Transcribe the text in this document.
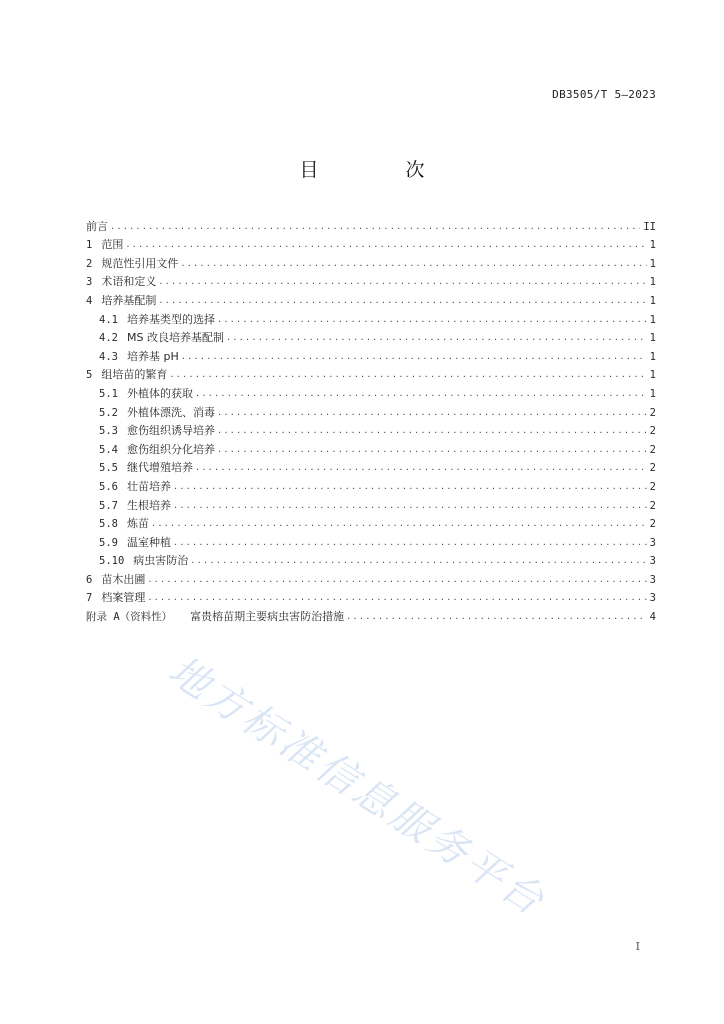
DB3505/T 5—2023
目　次
前言 . . .	II
1 范围 . . .	1
2 规范性引用文件 . . .	1
3 术语和定义 . . .	1
4 培养基配制 . . .	1
4.1 培养基类型的选择 . . .	1
4.2 MS 改良培养基配制 . . .	1
4.3 培养基 pH . . .	1
5 组培苗的繁育 . . .	1
5.1 外植体的获取 . . .	1
5.2 外植体漂洗、消毒 . . .	2
5.3 愈伤组织诱导培养 . . .	2
5.4 愈伤组织分化培养 . . .	2
5.5 继代增殖培养 . . .	2
5.6 壮苗培养 . . .	2
5.7 生根培养 . . .	2
5.8 炼苗 . . .	2
5.9 温室种植 . . .	3
5.10 病虫害防治 . . .	3
6 苗木出圃 . . .	3
7 档案管理 . . .	3
附录 A（资料性） 富贵榕苗期主要病虫害防治措施 . . .	4
地方标准信息服务平台
I
